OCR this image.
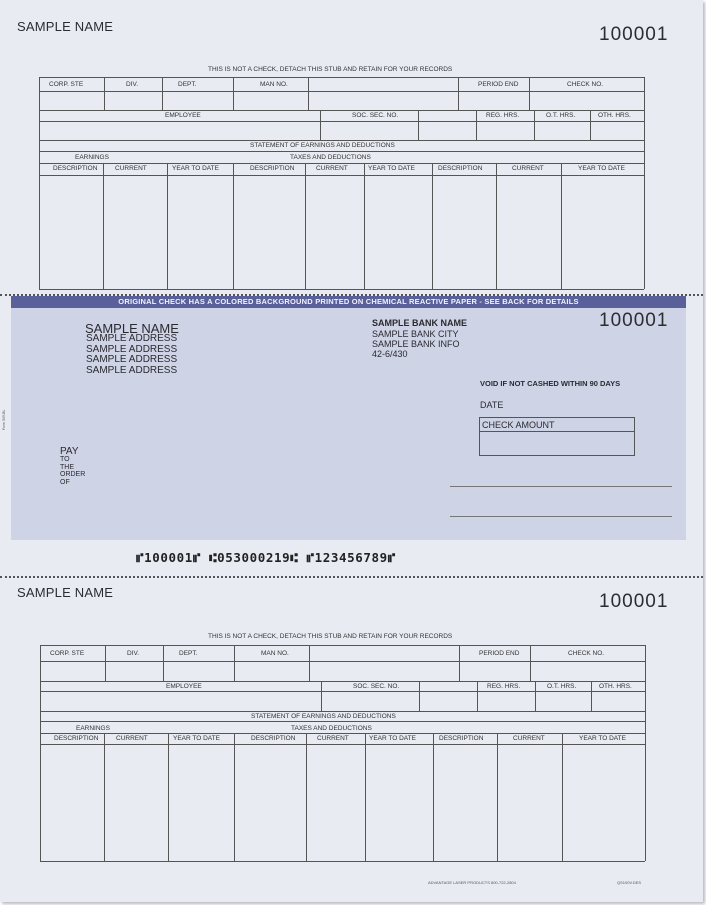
SAMPLE NAME	100001
THIS IS NOT A CHECK, DETACH THIS STUB AND RETAIN FOR YOUR RECORDS
CORP. STE	DIV.	DEPT.	MAN NO.	PERIOD END	CHECK NO.
EMPLOYEE	SOC. SEC. NO.	REG. HRS.	O.T. HRS.	OTH. HRS.
STATEMENT OF EARNINGS AND DEDUCTIONS
EARNINGS	TAXES AND DEDUCTIONS
DESCRIPTION	CURRENT	YEAR TO DATE	DESCRIPTION	CURRENT	YEAR TO DATE	DESCRIPTION	CURRENT	YEAR TO DATE
ORIGINAL CHECK HAS A COLORED BACKGROUND PRINTED ON CHEMICAL REACTIVE PAPER - SEE BACK FOR DETAILS
SAMPLE NAME
SAMPLE ADDRESS
SAMPLE ADDRESS
SAMPLE ADDRESS
SAMPLE ADDRESS
SAMPLE BANK NAME
SAMPLE BANK CITY
SAMPLE BANK INFO
42-6/430
100001
VOID IF NOT CASHED WITHIN 90 DAYS
DATE
CHECK AMOUNT
PAY
TO
THE
ORDER
OF
Form 509-BL
⑈100001⑈ ⑆053000219⑆ ⑈123456789⑈
SAMPLE NAME	100001
THIS IS NOT A CHECK, DETACH THIS STUB AND RETAIN FOR YOUR RECORDS
CORP. STE	DIV.	DEPT.	MAN NO.	PERIOD END	CHECK NO.
EMPLOYEE	SOC. SEC. NO.	REG. HRS.	O.T. HRS.	OTH. HRS.
STATEMENT OF EARNINGS AND DEDUCTIONS
EARNINGS	TAXES AND DEDUCTIONS
DESCRIPTION	CURRENT	YEAR TO DATE	DESCRIPTION	CURRENT	YEAR TO DATE	DESCRIPTION	CURRENT	YEAR TO DATE
ADVANTAGE LASER PRODUCTS 800-722-2804	QS100V.DES
